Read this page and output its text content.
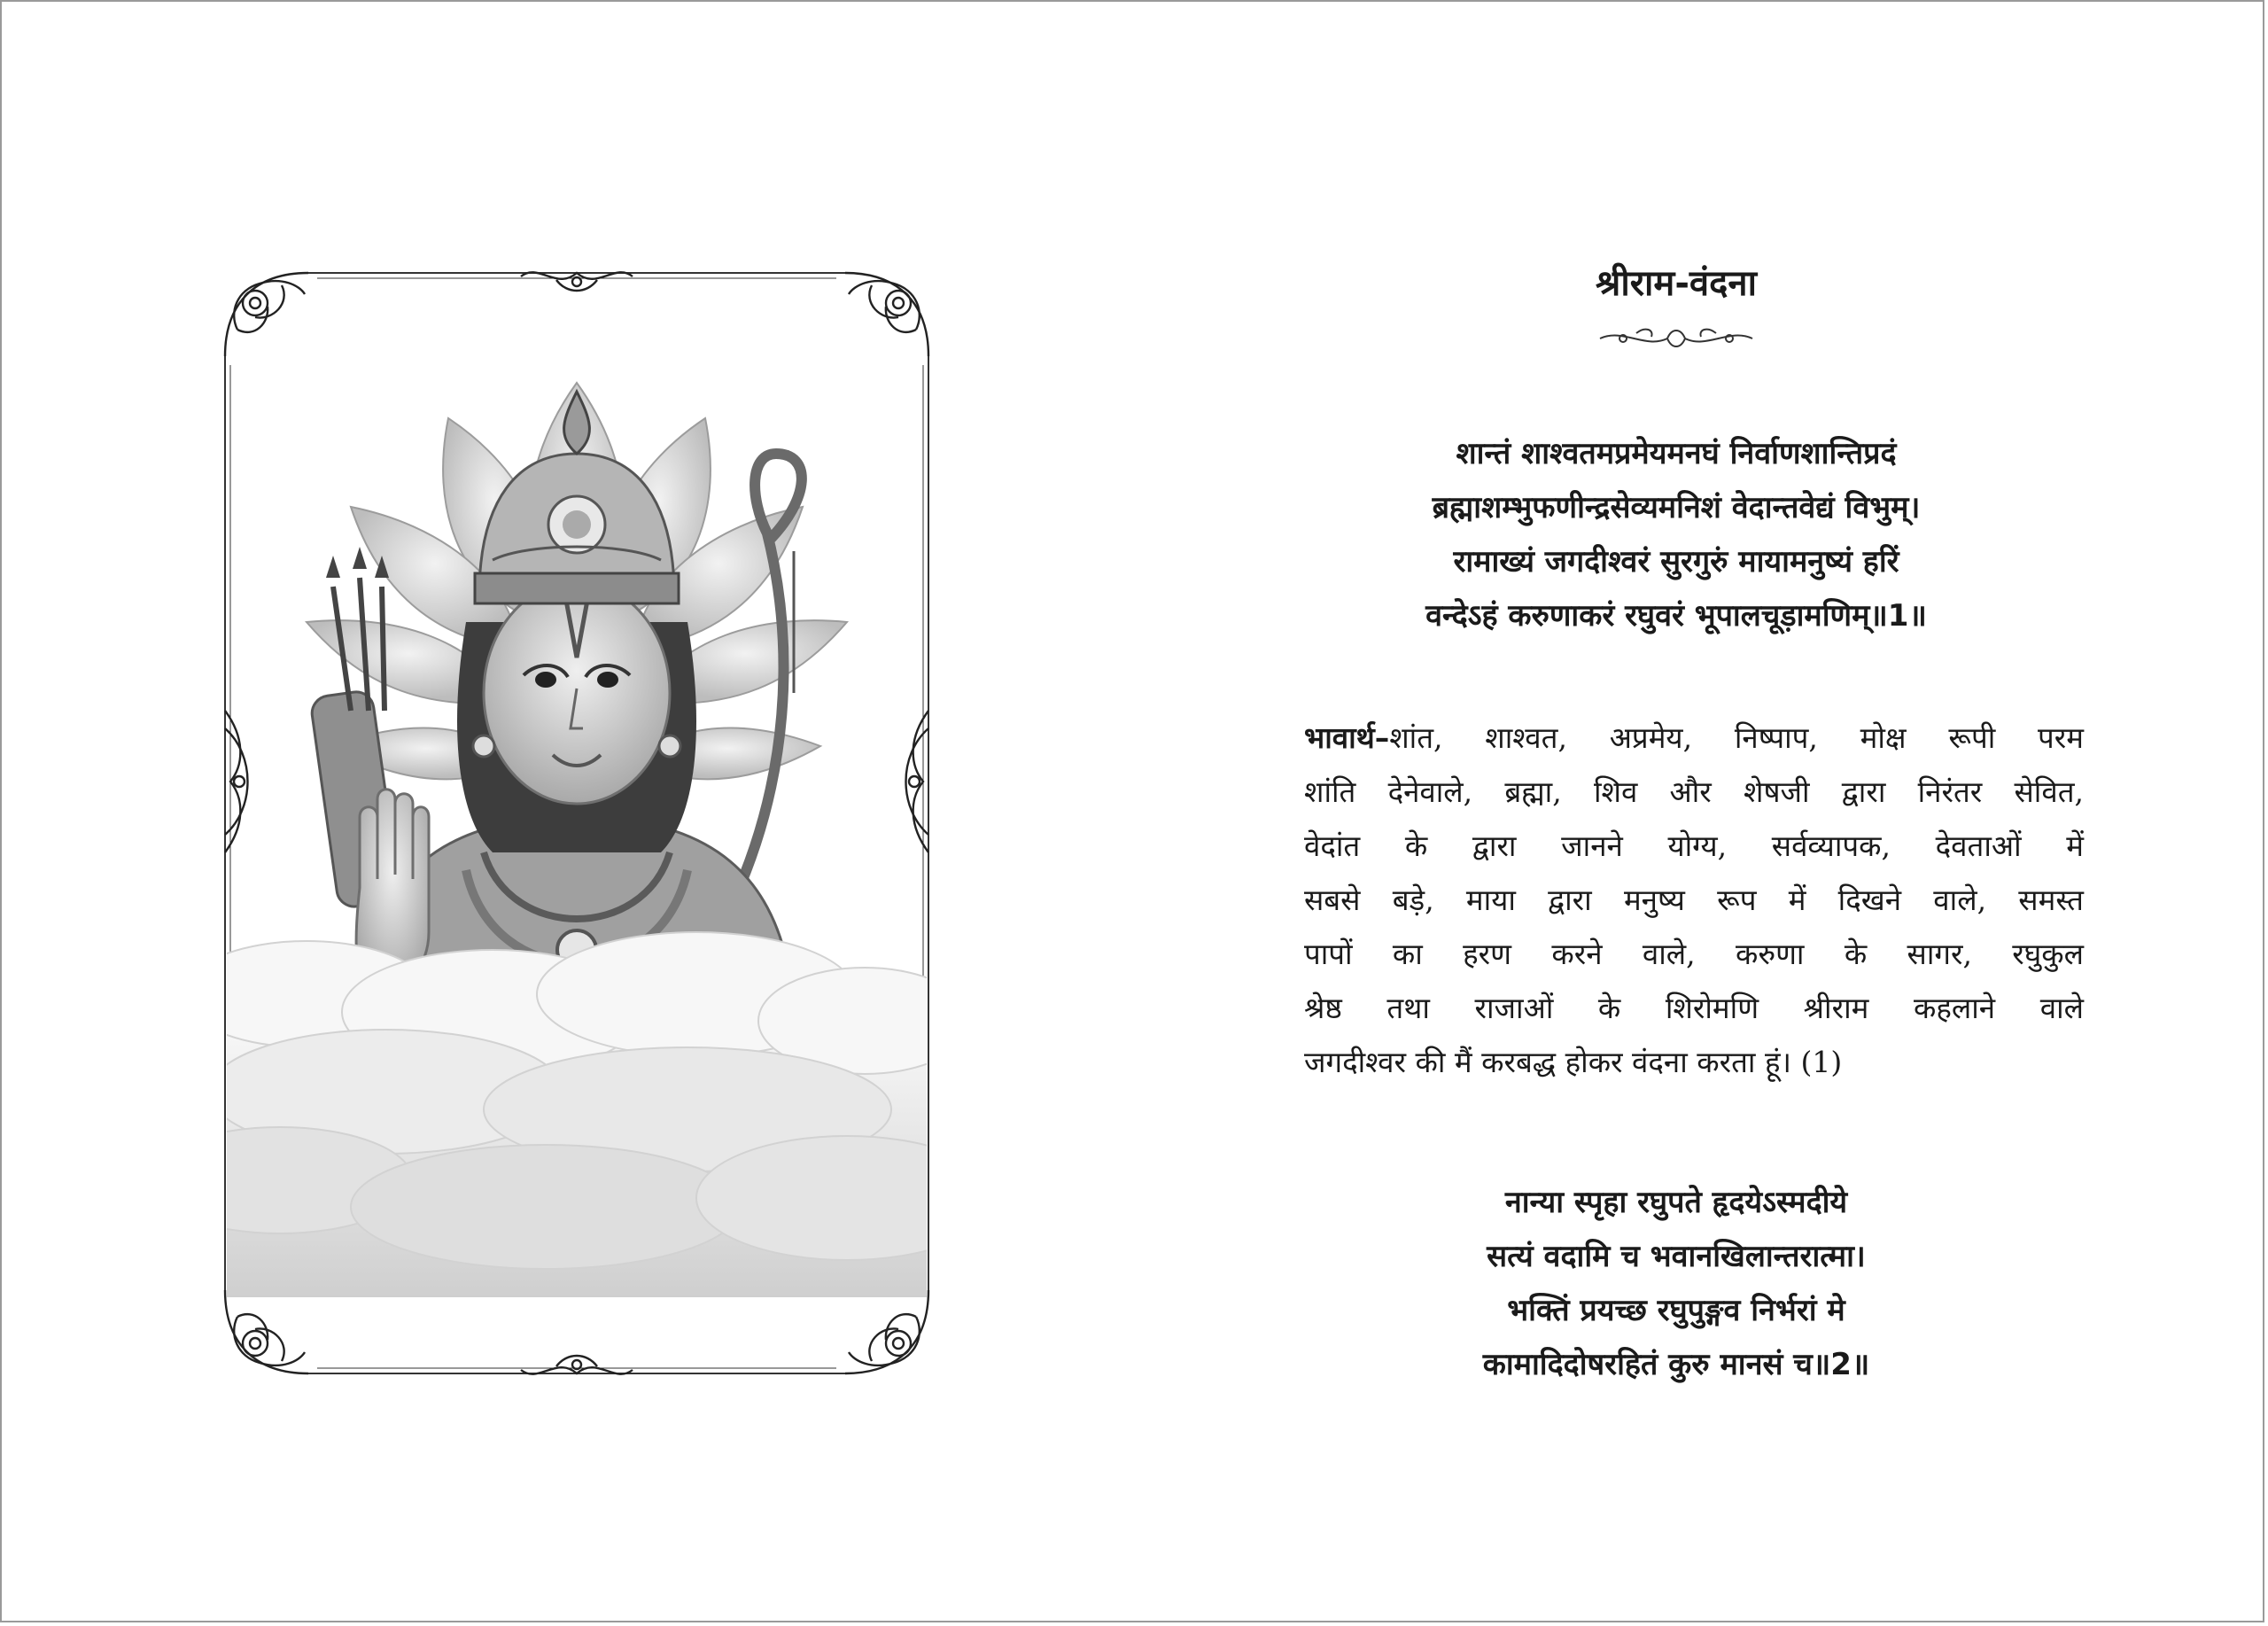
श्रीराम-वंदना
शान्तं शाश्वतमप्रमेयमनघं निर्वाणशान्तिप्रदं
ब्रह्माशम्भुफणीन्द्रसेव्यमनिशं वेदान्तवेद्यं विभुम्।
रामाख्यं जगदीश्वरं सुरगुरुं मायामनुष्यं हरिं
वन्देऽहं करुणाकरं रघुवरं भूपालचूड़ामणिम्॥1॥
भावार्थ–शांत, शाश्वत, अप्रमेय, निष्पाप, मोक्ष रूपी परम
शांति देनेवाले, ब्रह्मा, शिव और शेषजी द्वारा निरंतर सेवित,
वेदांत के द्वारा जानने योग्य, सर्वव्यापक, देवताओं में
सबसे बड़े, माया द्वारा मनुष्य रूप में दिखने वाले, समस्त
पापों का हरण करने वाले, करुणा के सागर, रघुकुल
श्रेष्ठ तथा राजाओं के शिरोमणि श्रीराम कहलाने वाले
जगदीश्वर की मैं करबद्ध होकर वंदना करता हूं। (1)
नान्या स्पृहा रघुपते हृदयेऽस्मदीये
सत्यं वदामि च भवानखिलान्तरात्मा।
भक्तिं प्रयच्छ रघुपुङ्गव निर्भरां मे
कामादिदोषरहितं कुरु मानसं च॥2॥
